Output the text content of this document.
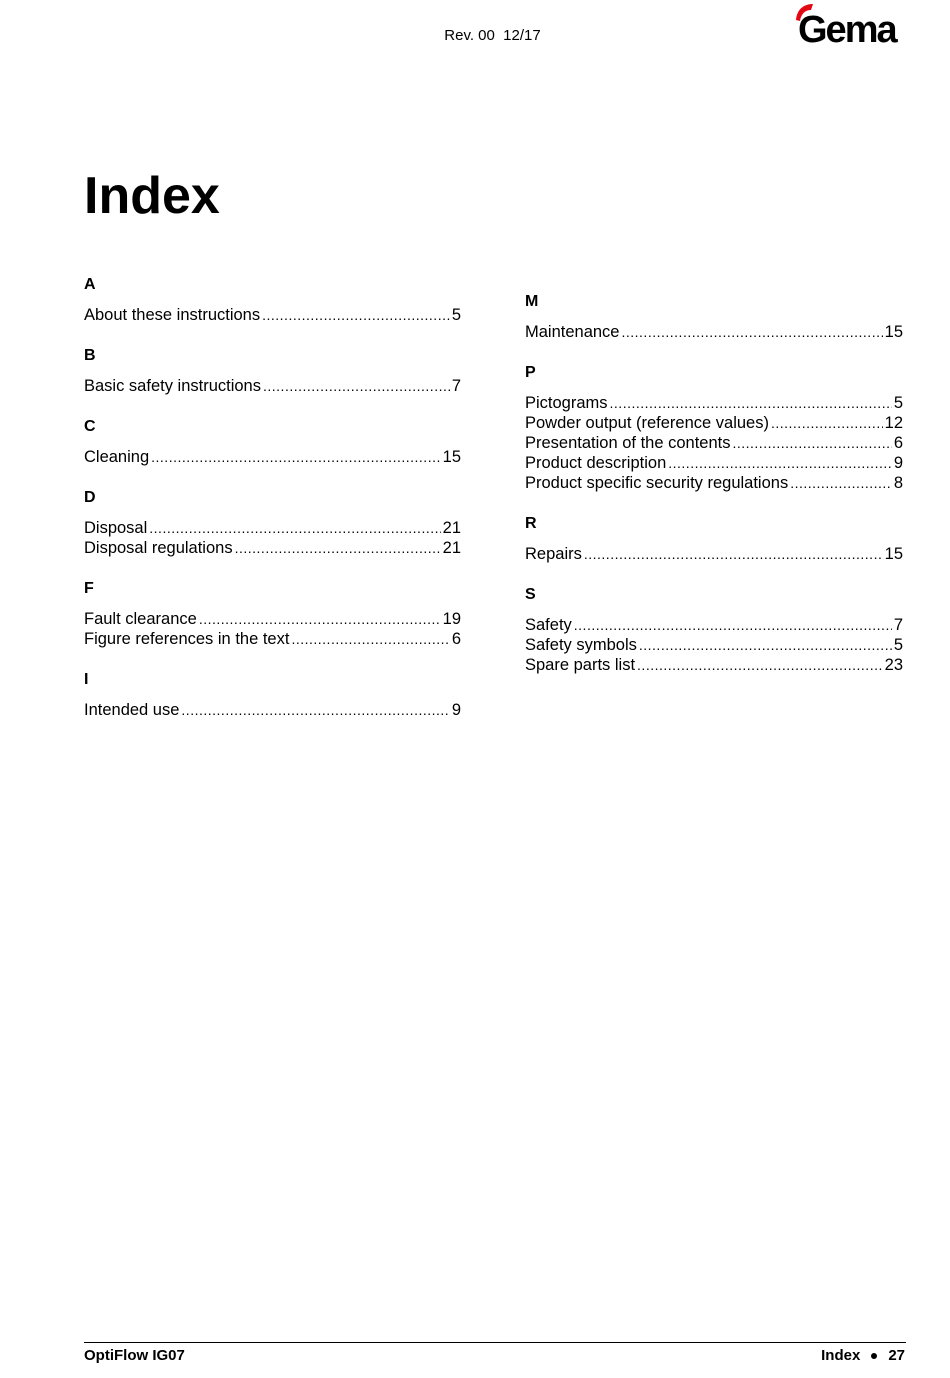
Rev. 00  12/17	Gema
Index
A
About these instructions .....	5
B
Basic safety instructions .....	7
C
Cleaning .....	15
D
Disposal .....	21
Disposal regulations .....	21
F
Fault clearance .....	19
Figure references in the text .....	6
I
Intended use .....	9
M
Maintenance .....	15
P
Pictograms .....	5
Powder output (reference values) .....	12
Presentation of the contents .....	6
Product description .....	9
Product specific security regulations .....	8
R
Repairs .....	15
S
Safety .....	7
Safety symbols .....	5
Spare parts list .....	23
OptiFlow IG07	Index 27
